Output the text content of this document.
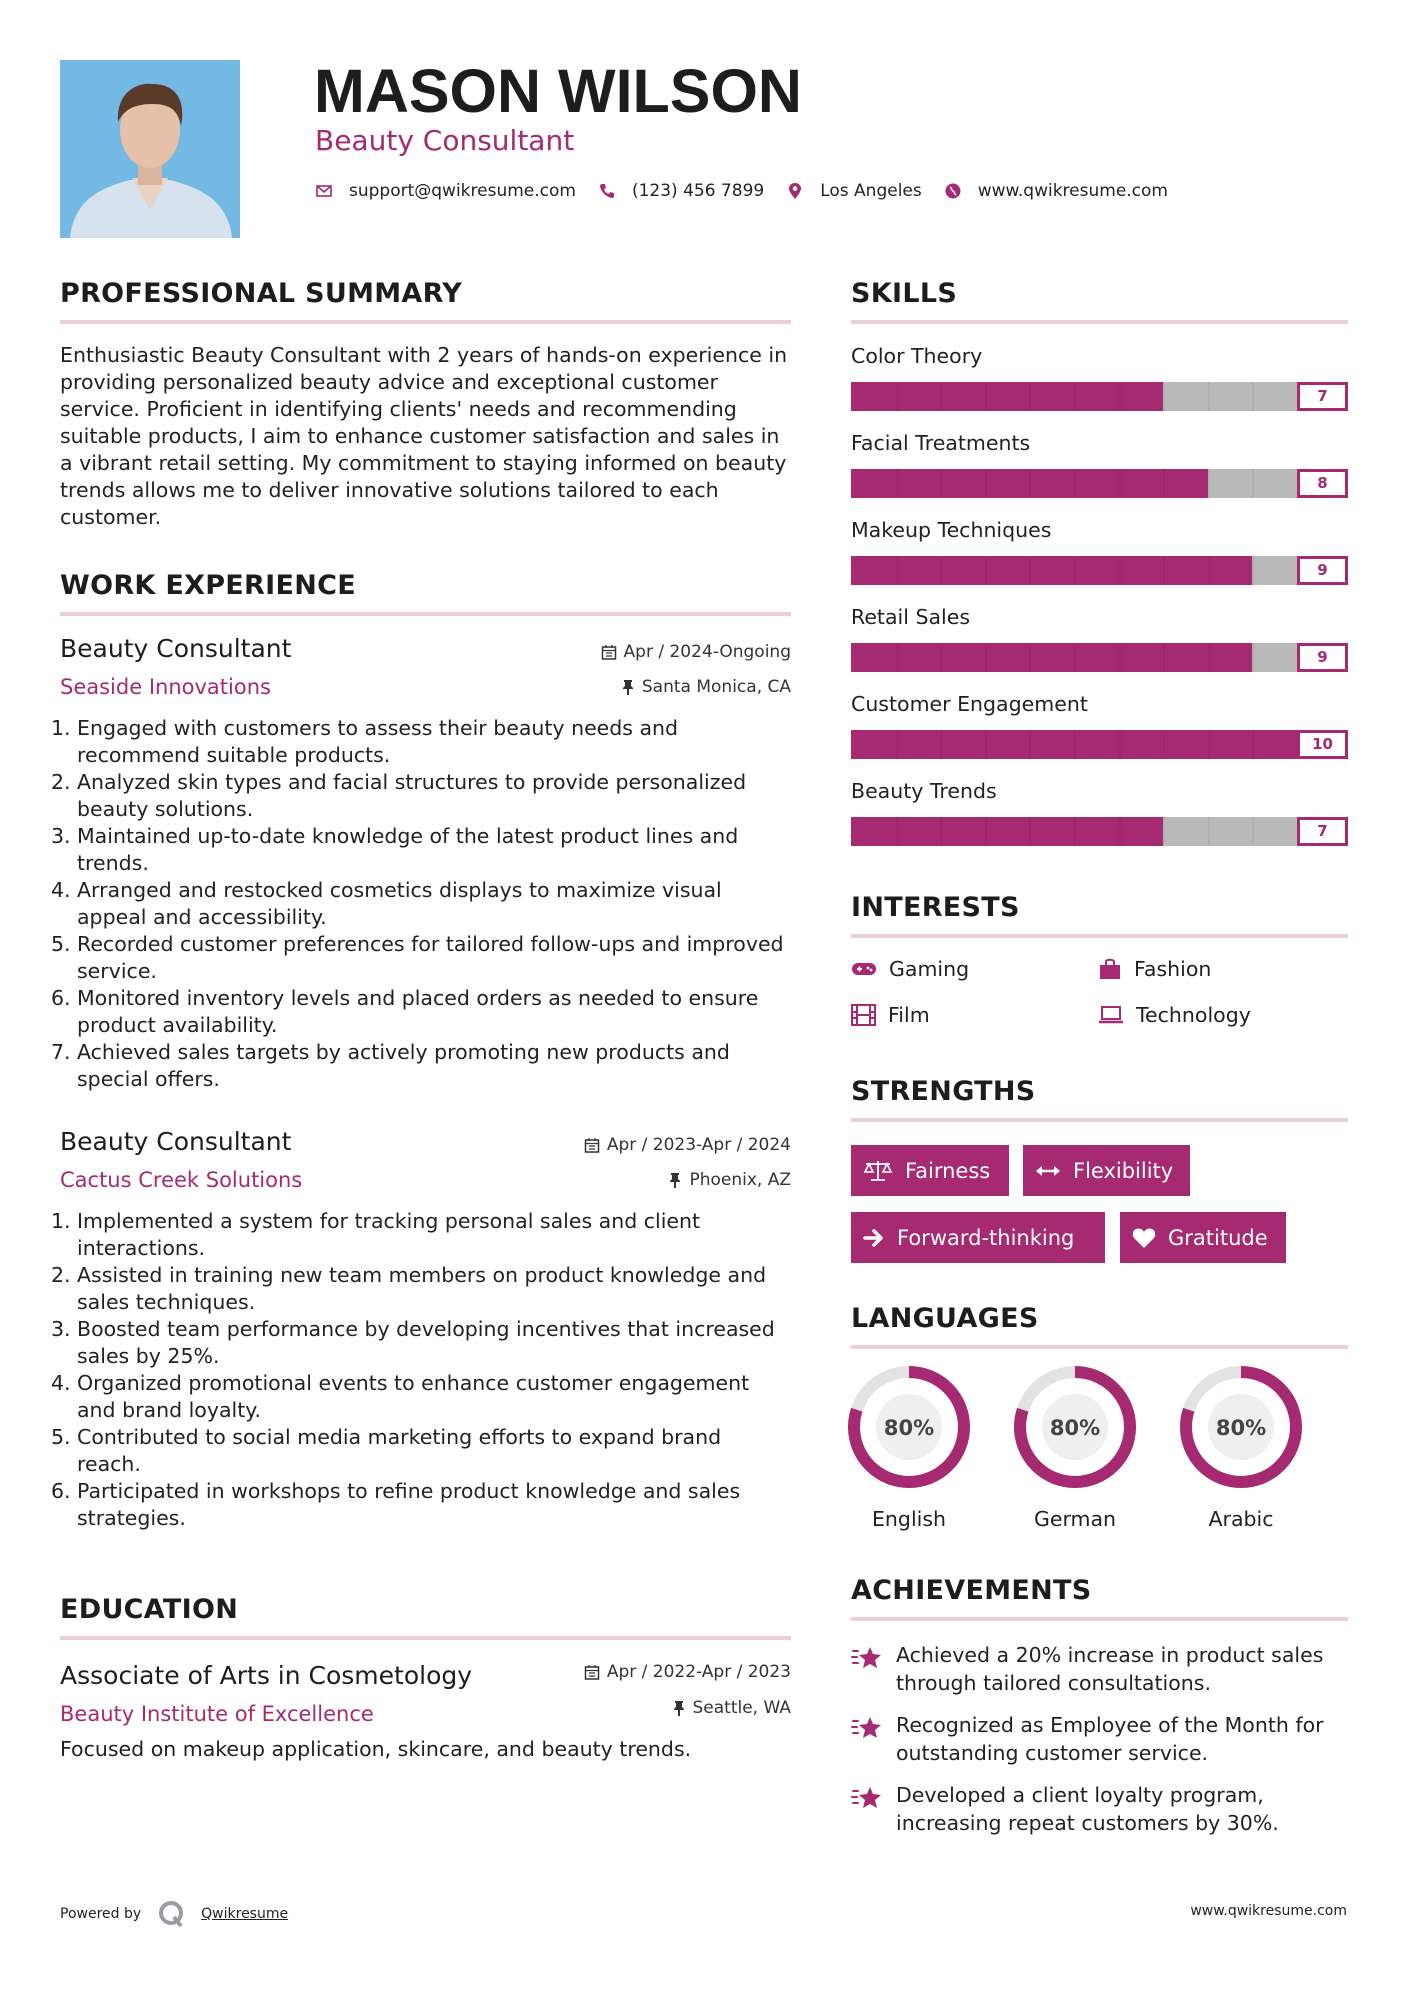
MASON WILSON
Beauty Consultant
support@qwikresume.com	(123) 456 7899	Los Angeles	www.qwikresume.com
PROFESSIONAL SUMMARY

Enthusiastic Beauty Consultant with 2 years of hands-on experience in providing personalized beauty advice and exceptional customer service. Proficient in identifying clients' needs and recommending suitable products, I aim to enhance customer satisfaction and sales in a vibrant retail setting. My commitment to staying informed on beauty trends allows me to deliver innovative solutions tailored to each customer.

WORK EXPERIENCE
Beauty Consultant	Apr / 2024-Ongoing
Seaside Innovations	Santa Monica, CA
Engaged with customers to assess their beauty needs and recommend suitable products.
Analyzed skin types and facial structures to provide personalized beauty solutions.
Maintained up-to-date knowledge of the latest product lines and trends.
Arranged and restocked cosmetics displays to maximize visual appeal and accessibility.
Recorded customer preferences for tailored follow-ups and improved service.
Monitored inventory levels and placed orders as needed to ensure product availability.
Achieved sales targets by actively promoting new products and special offers.
Beauty Consultant	Apr / 2023-Apr / 2024
Cactus Creek Solutions	Phoenix, AZ
Implemented a system for tracking personal sales and client interactions.
Assisted in training new team members on product knowledge and sales techniques.
Boosted team performance by developing incentives that increased sales by 25%.
Organized promotional events to enhance customer engagement and brand loyalty.
Contributed to social media marketing efforts to expand brand reach.
Participated in workshops to refine product knowledge and sales strategies.
EDUCATION
Associate of Arts in Cosmetology	Apr / 2022-Apr / 2023
Beauty Institute of Excellence	Seattle, WA
Focused on makeup application, skincare, and beauty trends.
SKILLS
Color Theory
7
Facial Treatments
8
Makeup Techniques
9
Retail Sales
9
Customer Engagement
10
Beauty Trends
7
INTERESTS
Gaming	Fashion
Film	Technology
STRENGTHS
Fairness	Flexibility
Forward-thinking	Gratitude
LANGUAGES
80%
English
80%
German
80%
Arabic
ACHIEVEMENTS
Achieved a 20% increase in product sales through tailored consultations.
Recognized as Employee of the Month for outstanding customer service.
Developed a client loyalty program, increasing repeat customers by 30%.
Powered by	Qwikresume	www.qwikresume.com
